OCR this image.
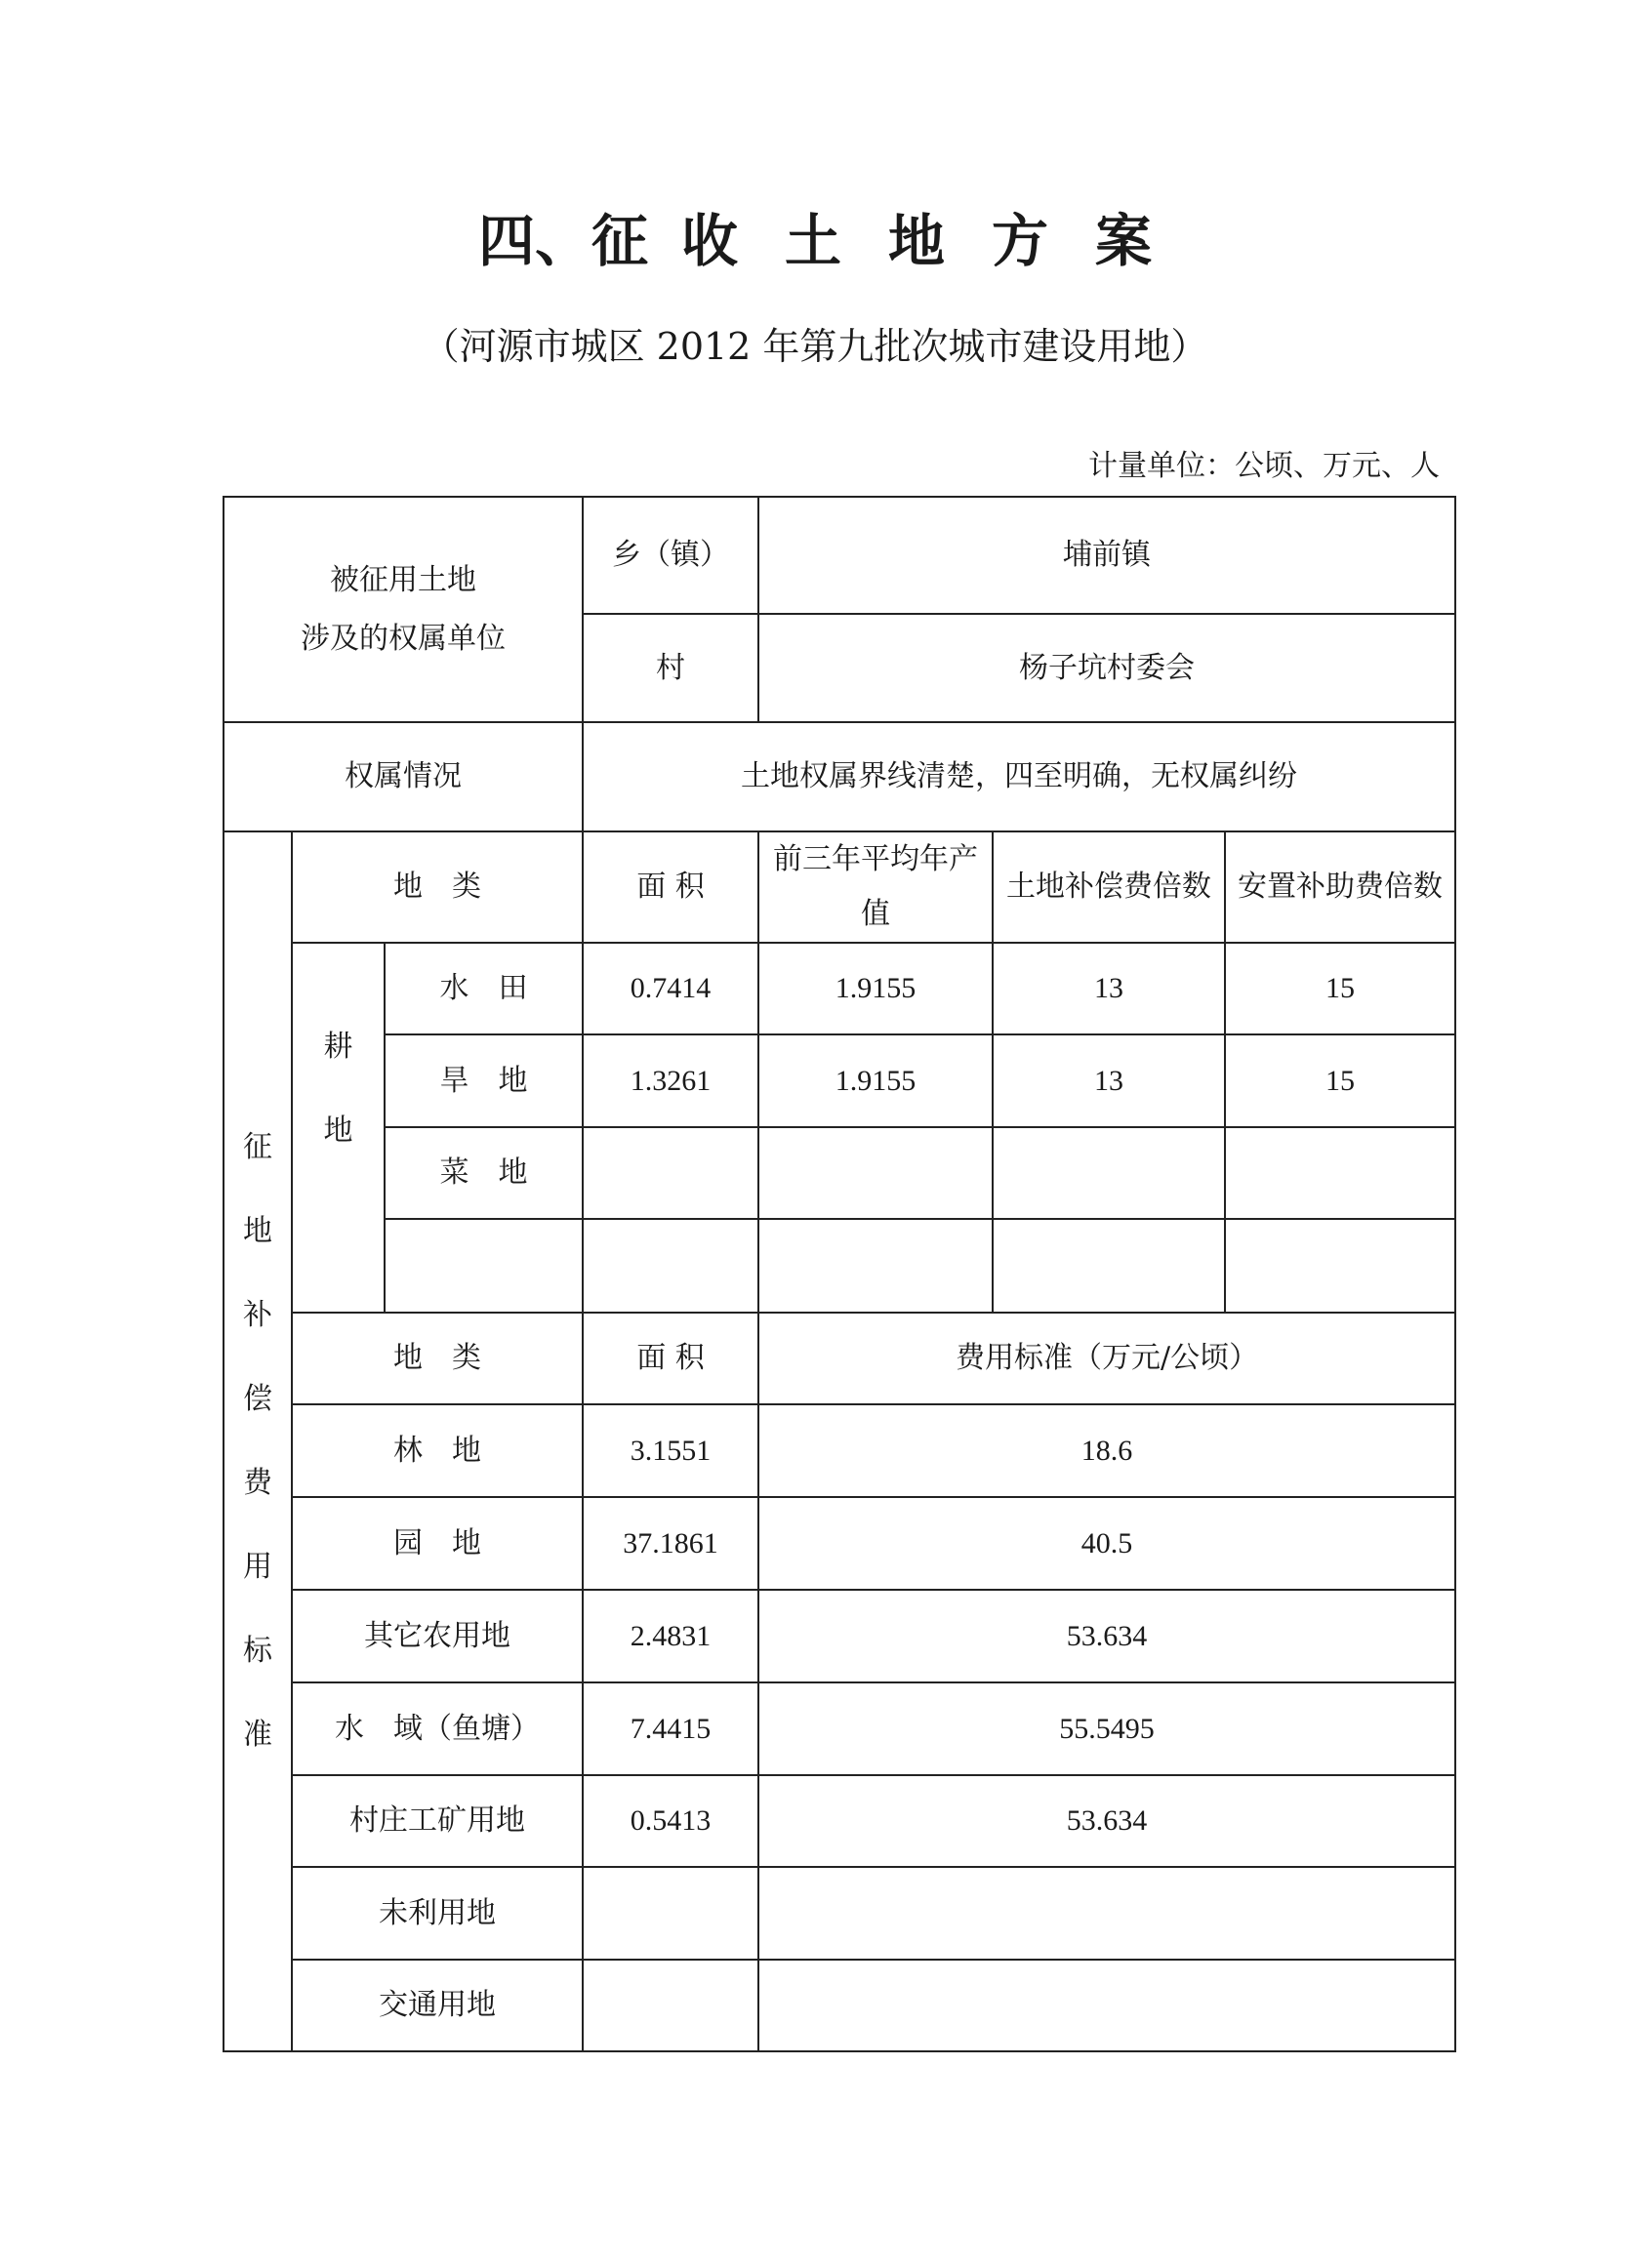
四、征 收 土 地 方 案
（河源市城区 2012 年第九批次城市建设用地）
计量单位：公顷、万元、人
被征用土地
涉及的权属单位			乡（镇）	埔前镇		
			村	杨子坑村委会		
权属情况			土地权属界线清楚，四至明确，无权属纠纷			
征地补偿费用标准	地　类		面 积	前三年平均年产值	土地补偿费倍数	安置补助费倍数
	耕地	水　田	0.7414	1.9155	13	15
		旱　地	1.3261	1.9155	13	15
		菜　地				

	地　类		面 积	费用标准（万元/公顷）		
	林　地		3.1551	18.6		
	园　地		37.1861	40.5		
	其它农用地		2.4831	53.634		
	水　域（鱼塘）		7.4415	55.5495		
	村庄工矿用地		0.5413	53.634		
	未利用地					
	交通用地					
